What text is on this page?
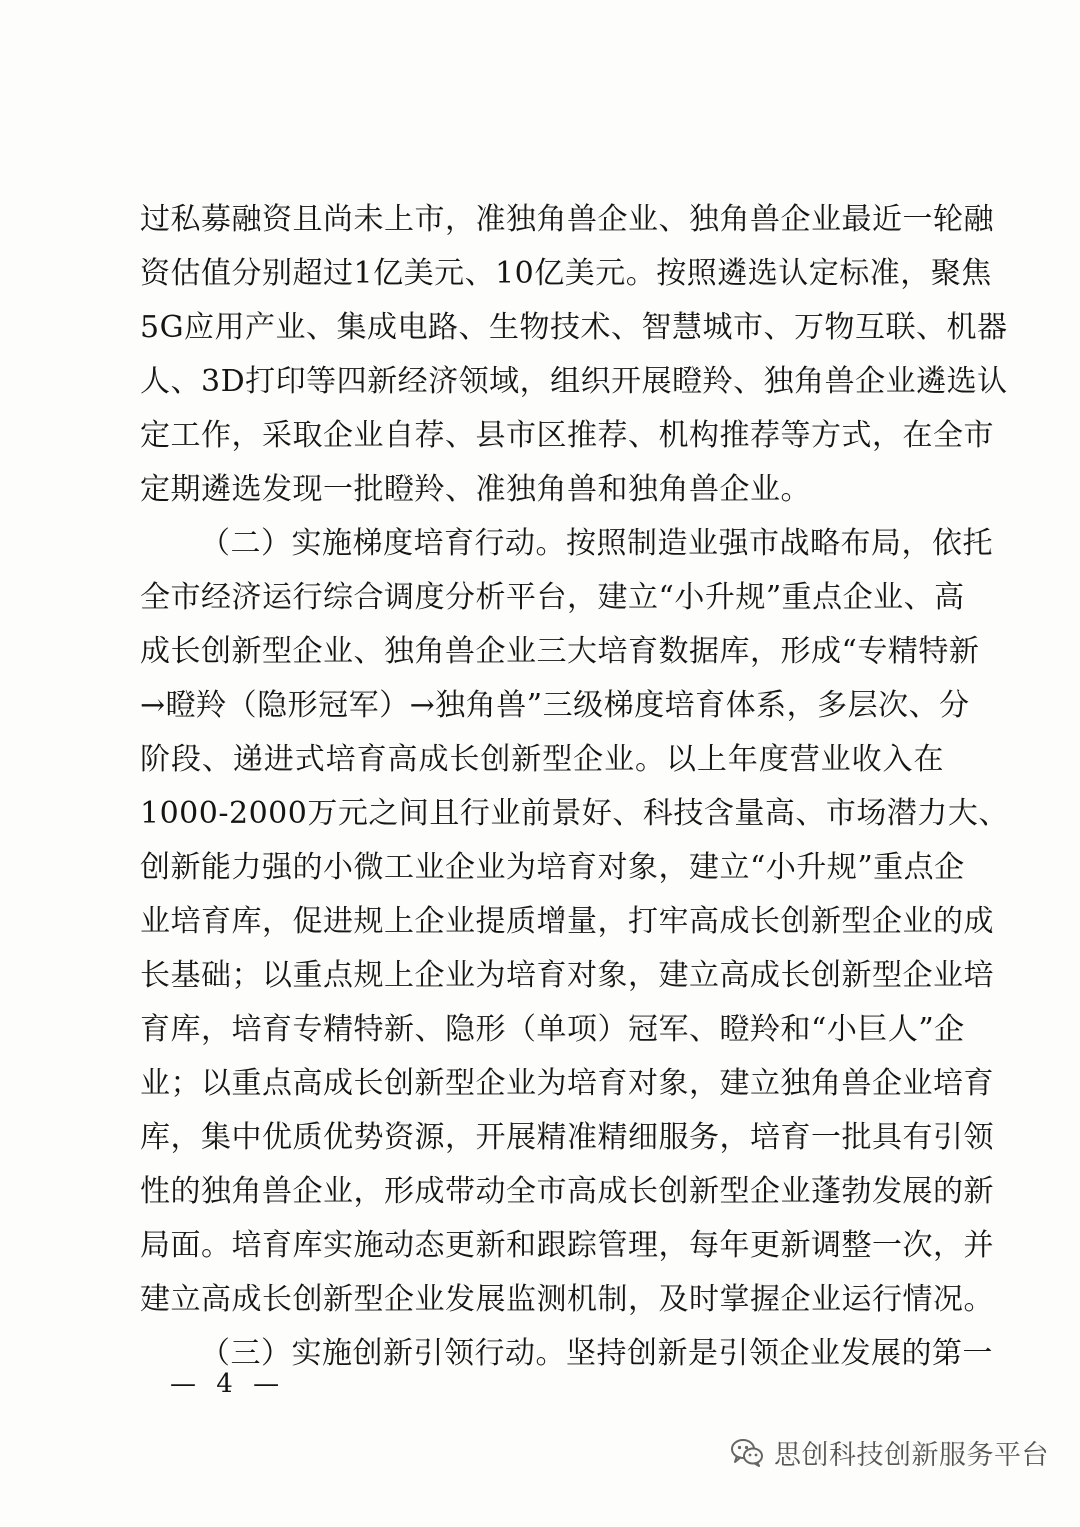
过私募融资且尚未上市，准独角兽企业、独角兽企业最近一轮融
资估值分别超过1亿美元、10亿美元。按照遴选认定标准，聚焦
5G应用产业、集成电路、生物技术、智慧城市、万物互联、机器
人、3D打印等四新经济领域，组织开展瞪羚、独角兽企业遴选认
定工作，采取企业自荐、县市区推荐、机构推荐等方式，在全市
定期遴选发现一批瞪羚、准独角兽和独角兽企业。
（二）实施梯度培育行动。按照制造业强市战略布局，依托
全市经济运行综合调度分析平台，建立“小升规”重点企业、高
成长创新型企业、独角兽企业三大培育数据库，形成“专精特新
→瞪羚（隐形冠军）→独角兽”三级梯度培育体系，多层次、分
阶段、递进式培育高成长创新型企业。以上年度营业收入在
1000-2000万元之间且行业前景好、科技含量高、市场潜力大、
创新能力强的小微工业企业为培育对象，建立“小升规”重点企
业培育库，促进规上企业提质增量，打牢高成长创新型企业的成
长基础；以重点规上企业为培育对象，建立高成长创新型企业培
育库，培育专精特新、隐形（单项）冠军、瞪羚和“小巨人”企
业；以重点高成长创新型企业为培育对象，建立独角兽企业培育
库，集中优质优势资源，开展精准精细服务，培育一批具有引领
性的独角兽企业，形成带动全市高成长创新型企业蓬勃发展的新
局面。培育库实施动态更新和跟踪管理，每年更新调整一次，并
建立高成长创新型企业发展监测机制，及时掌握企业运行情况。
（三）实施创新引领行动。坚持创新是引领企业发展的第一
— 4 —
思创科技创新服务平台
